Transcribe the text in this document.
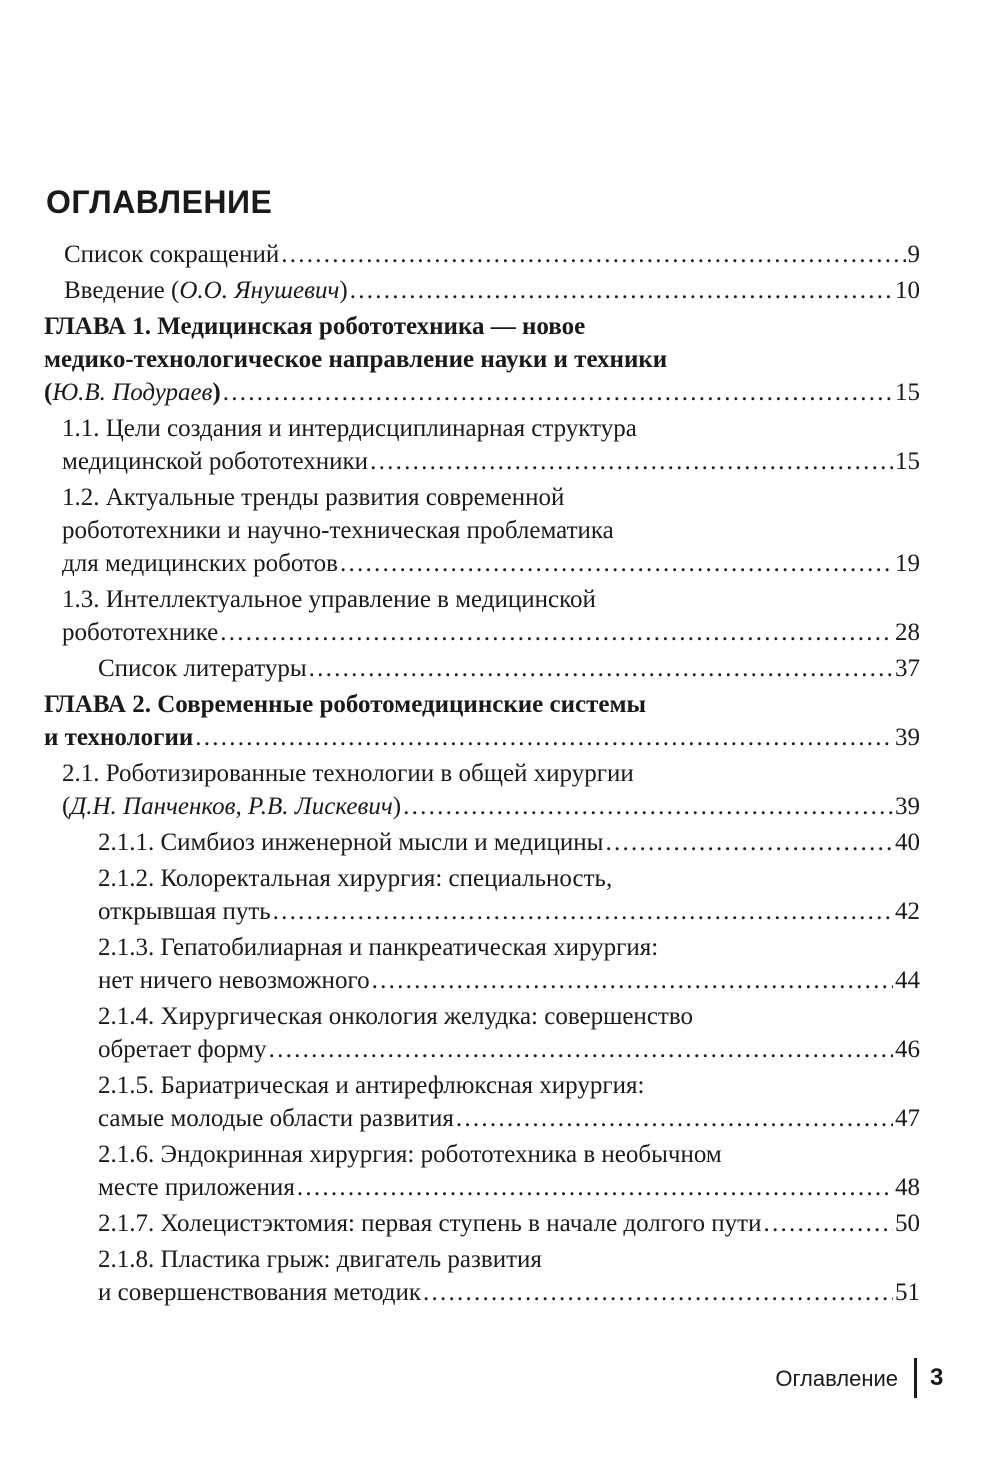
ОГЛАВЛЕНИЕ
Список сокращений . . .	9
Введение (О.О. Янушевич) . . .	10
ГЛАВА 1. Медицинская робототехника — новое
медико-технологическое направление науки и техники
(Ю.В. Подураев) . . .	15
1.1. Цели создания и интердисциплинарная структура
медицинской робототехники . . .	15
1.2. Актуальные тренды развития современной
робототехники и научно-техническая проблематика
для медицинских роботов . . .	19
1.3. Интеллектуальное управление в медицинской
робототехнике . . .	28
Список литературы . . .	37
ГЛАВА 2. Современные роботомедицинские системы
и технологии . . .	39
2.1. Роботизированные технологии в общей хирургии
(Д.Н. Панченков, Р.В. Лискевич) . . .	39
2.1.1. Симбиоз инженерной мысли и медицины . . .	40
2.1.2. Колоректальная хирургия: специальность,
открывшая путь . . .	42
2.1.3. Гепатобилиарная и панкреатическая хирургия:
нет ничего невозможного . . .	44
2.1.4. Хирургическая онкология желудка: совершенство
обретает форму . . .	46
2.1.5. Бариатрическая и антирефлюксная хирургия:
самые молодые области развития . . .	47
2.1.6. Эндокринная хирургия: робототехника в необычном
месте приложения . . .	48
2.1.7. Холецистэктомия: первая ступень в начале долгого пути . . .	50
2.1.8. Пластика грыж: двигатель развития
и совершенствования методик . . .	51
Оглавление 3
